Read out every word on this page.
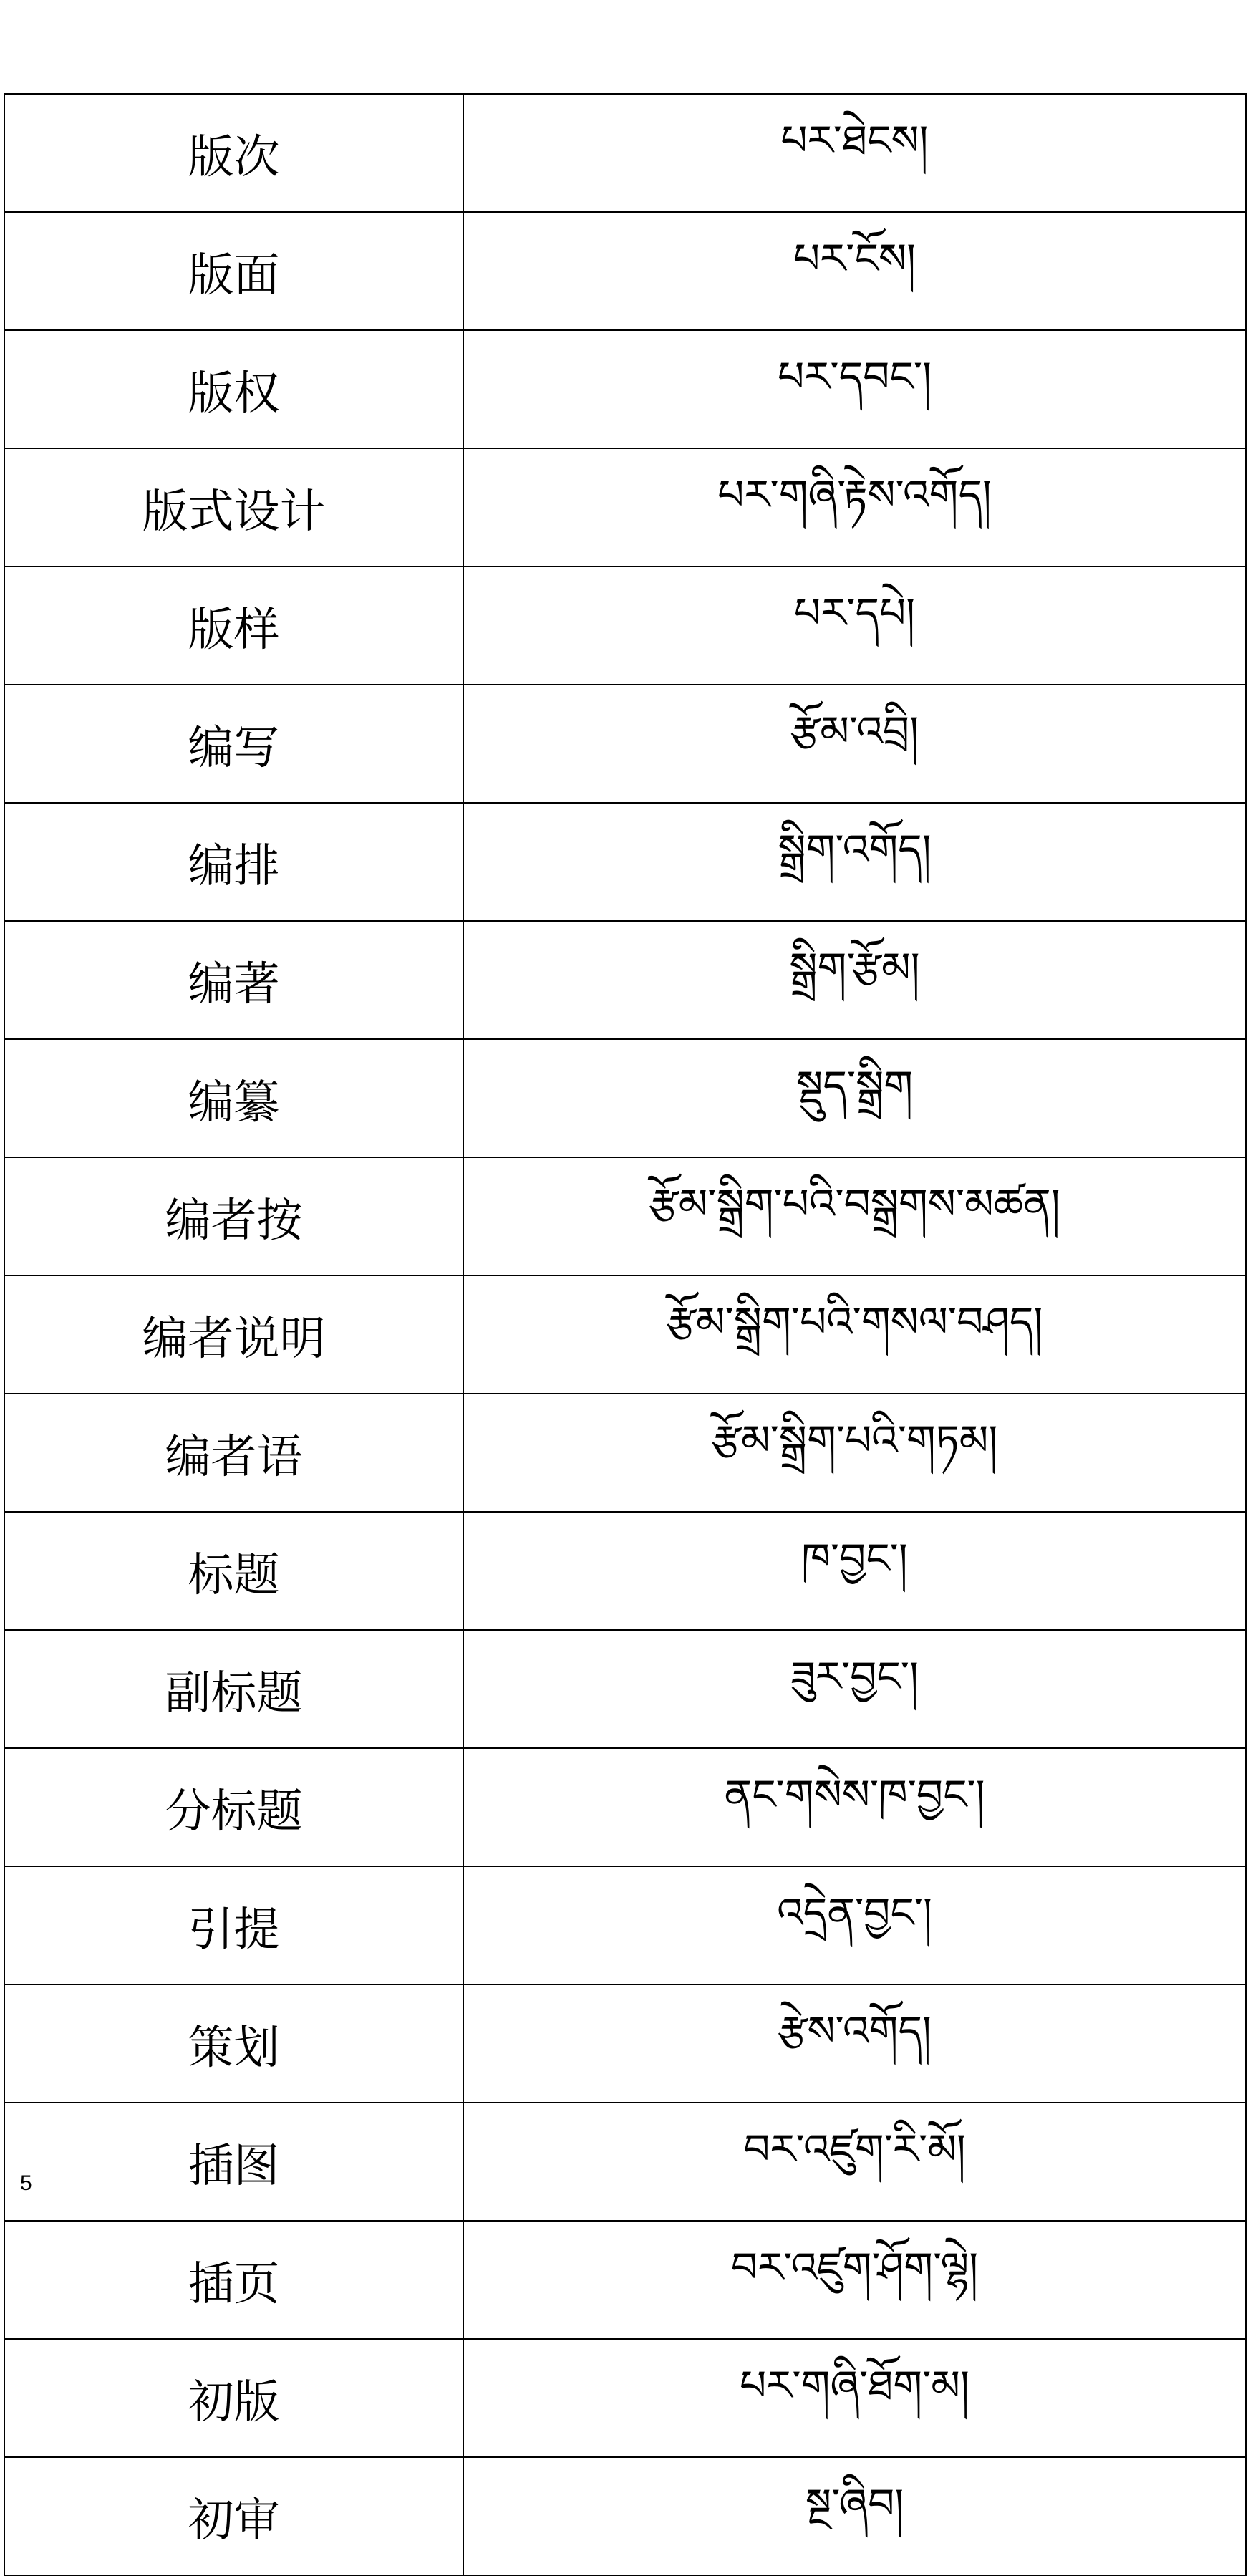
版次	པར་ཐེངས།
版面	པར་ངོས།
版权	པར་དབང་།
版式设计	པར་གཞི་རྟེས་འགོད།
版样	པར་དཔེ།
编写	རྩོམ་འབྲི།
编排	སྒྲིག་འགོད།
编著	སྒྲིག་རྩོམ།
编纂	སྡུད་སྒྲིག
编者按	རྩོམ་སྒྲིག་པའི་བསྒྲགས་མཚན།
编者说明	རྩོམ་སྒྲིག་པའི་གསལ་བཤད།
编者语	རྩོམ་སྒྲིག་པའི་གཏམ།
标题	ཁ་བྱང་།
副标题	ཟུར་བྱང་།
分标题	ནང་གསེས་ཁ་བྱང་།
引提	འདྲེན་བྱང་།
策划	རྩེས་འགོད།
插图	བར་འཛུག་རི་མོ།
插页	བར་འཛུག་ཤོག་ལྷེ།
初版	པར་གཞི་ཐོག་མ།
初审	སྔ་ཞིབ།
5
